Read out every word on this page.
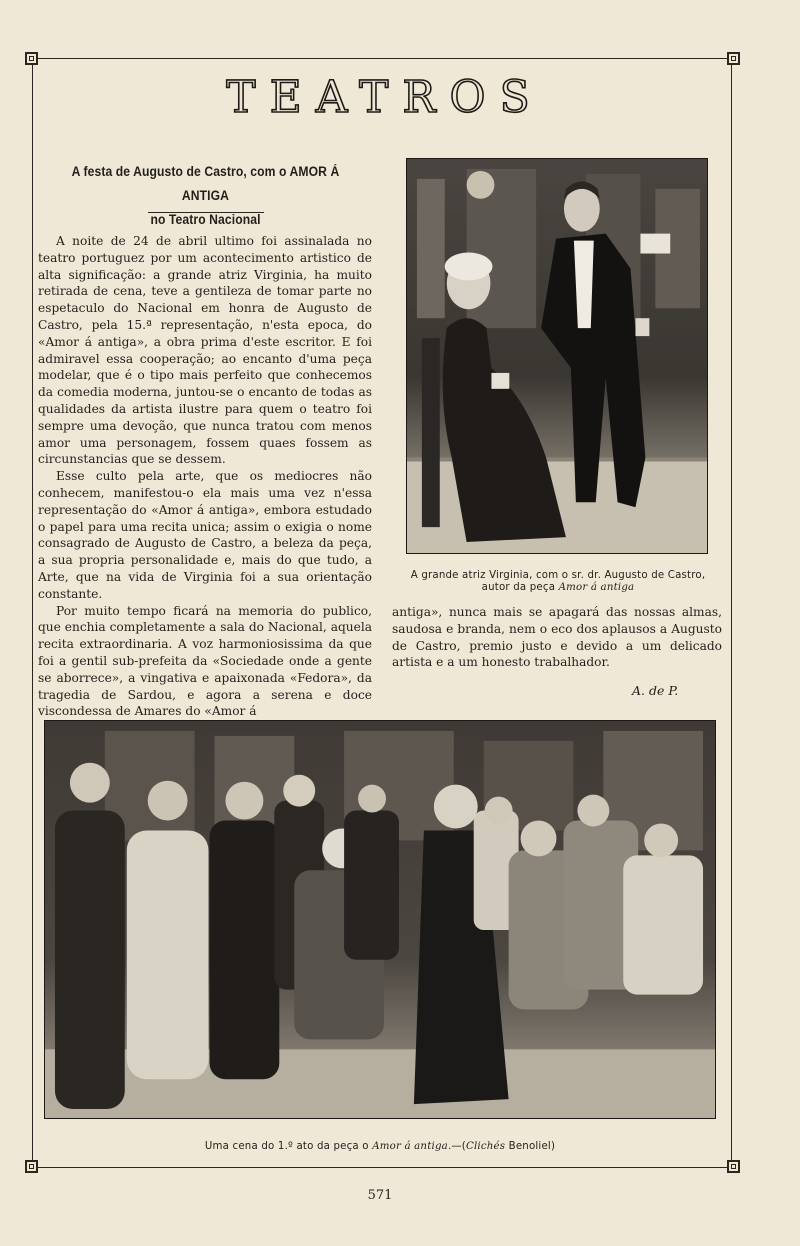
TEATROS
A festa de Augusto de Castro, com o AMOR Á ANTIGA
no Teatro Nacional

A noite de 24 de abril ultimo foi assinalada no teatro portuguez por um acontecimento artistico de alta significação: a grande atriz Virginia, ha muito retirada de cena, teve a gentileza de tomar parte no espetaculo do Nacional em honra de Augusto de Castro, pela 15.ª representação, n'esta epoca, do «Amor á antiga», a obra prima d'este escritor. E foi admiravel essa cooperação; ao encanto d'uma peça modelar, que é o tipo mais perfeito que conhecemos da comedia moderna, juntou-se o encanto de todas as qualidades da artista ilustre para quem o teatro foi sempre uma devoção, que nunca tratou com menos amor uma personagem, fossem quaes fossem as circunstancias que se dessem.

Esse culto pela arte, que os mediocres não conhecem, manifestou-o ela mais uma vez n'essa representação do «Amor á antiga», embora estudado o papel para uma recita unica; assim o exigia o nome consagrado de Augusto de Castro, a beleza da peça, a sua propria personalidade e, mais do que tudo, a Arte, que na vida de Virginia foi a sua orientação constante.

Por muito tempo ficará na memoria do publico, que enchia completamente a sala do Nacional, aquela recita extraordinaria. A voz harmoniosissima da que foi a gentil sub-prefeita da «Sociedade onde a gente se aborrece», a vingativa e apaixonada «Fedora», da tragedia de Sardou, e agora a serena e doce viscondessa de Amares do «Amor á

A grande atriz Virginia, com o sr. dr. Augusto de Castro,
autor da peça Amor á antiga

antiga», nunca mais se apagará das nossas almas, saudosa e branda, nem o eco dos aplausos a Augusto de Castro, premio justo e devido a um delicado artista e a um honesto trabalhador.

A. de P.
Uma cena do 1.º ato da peça o Amor á antiga.—(Clichés Benoliel)
571
